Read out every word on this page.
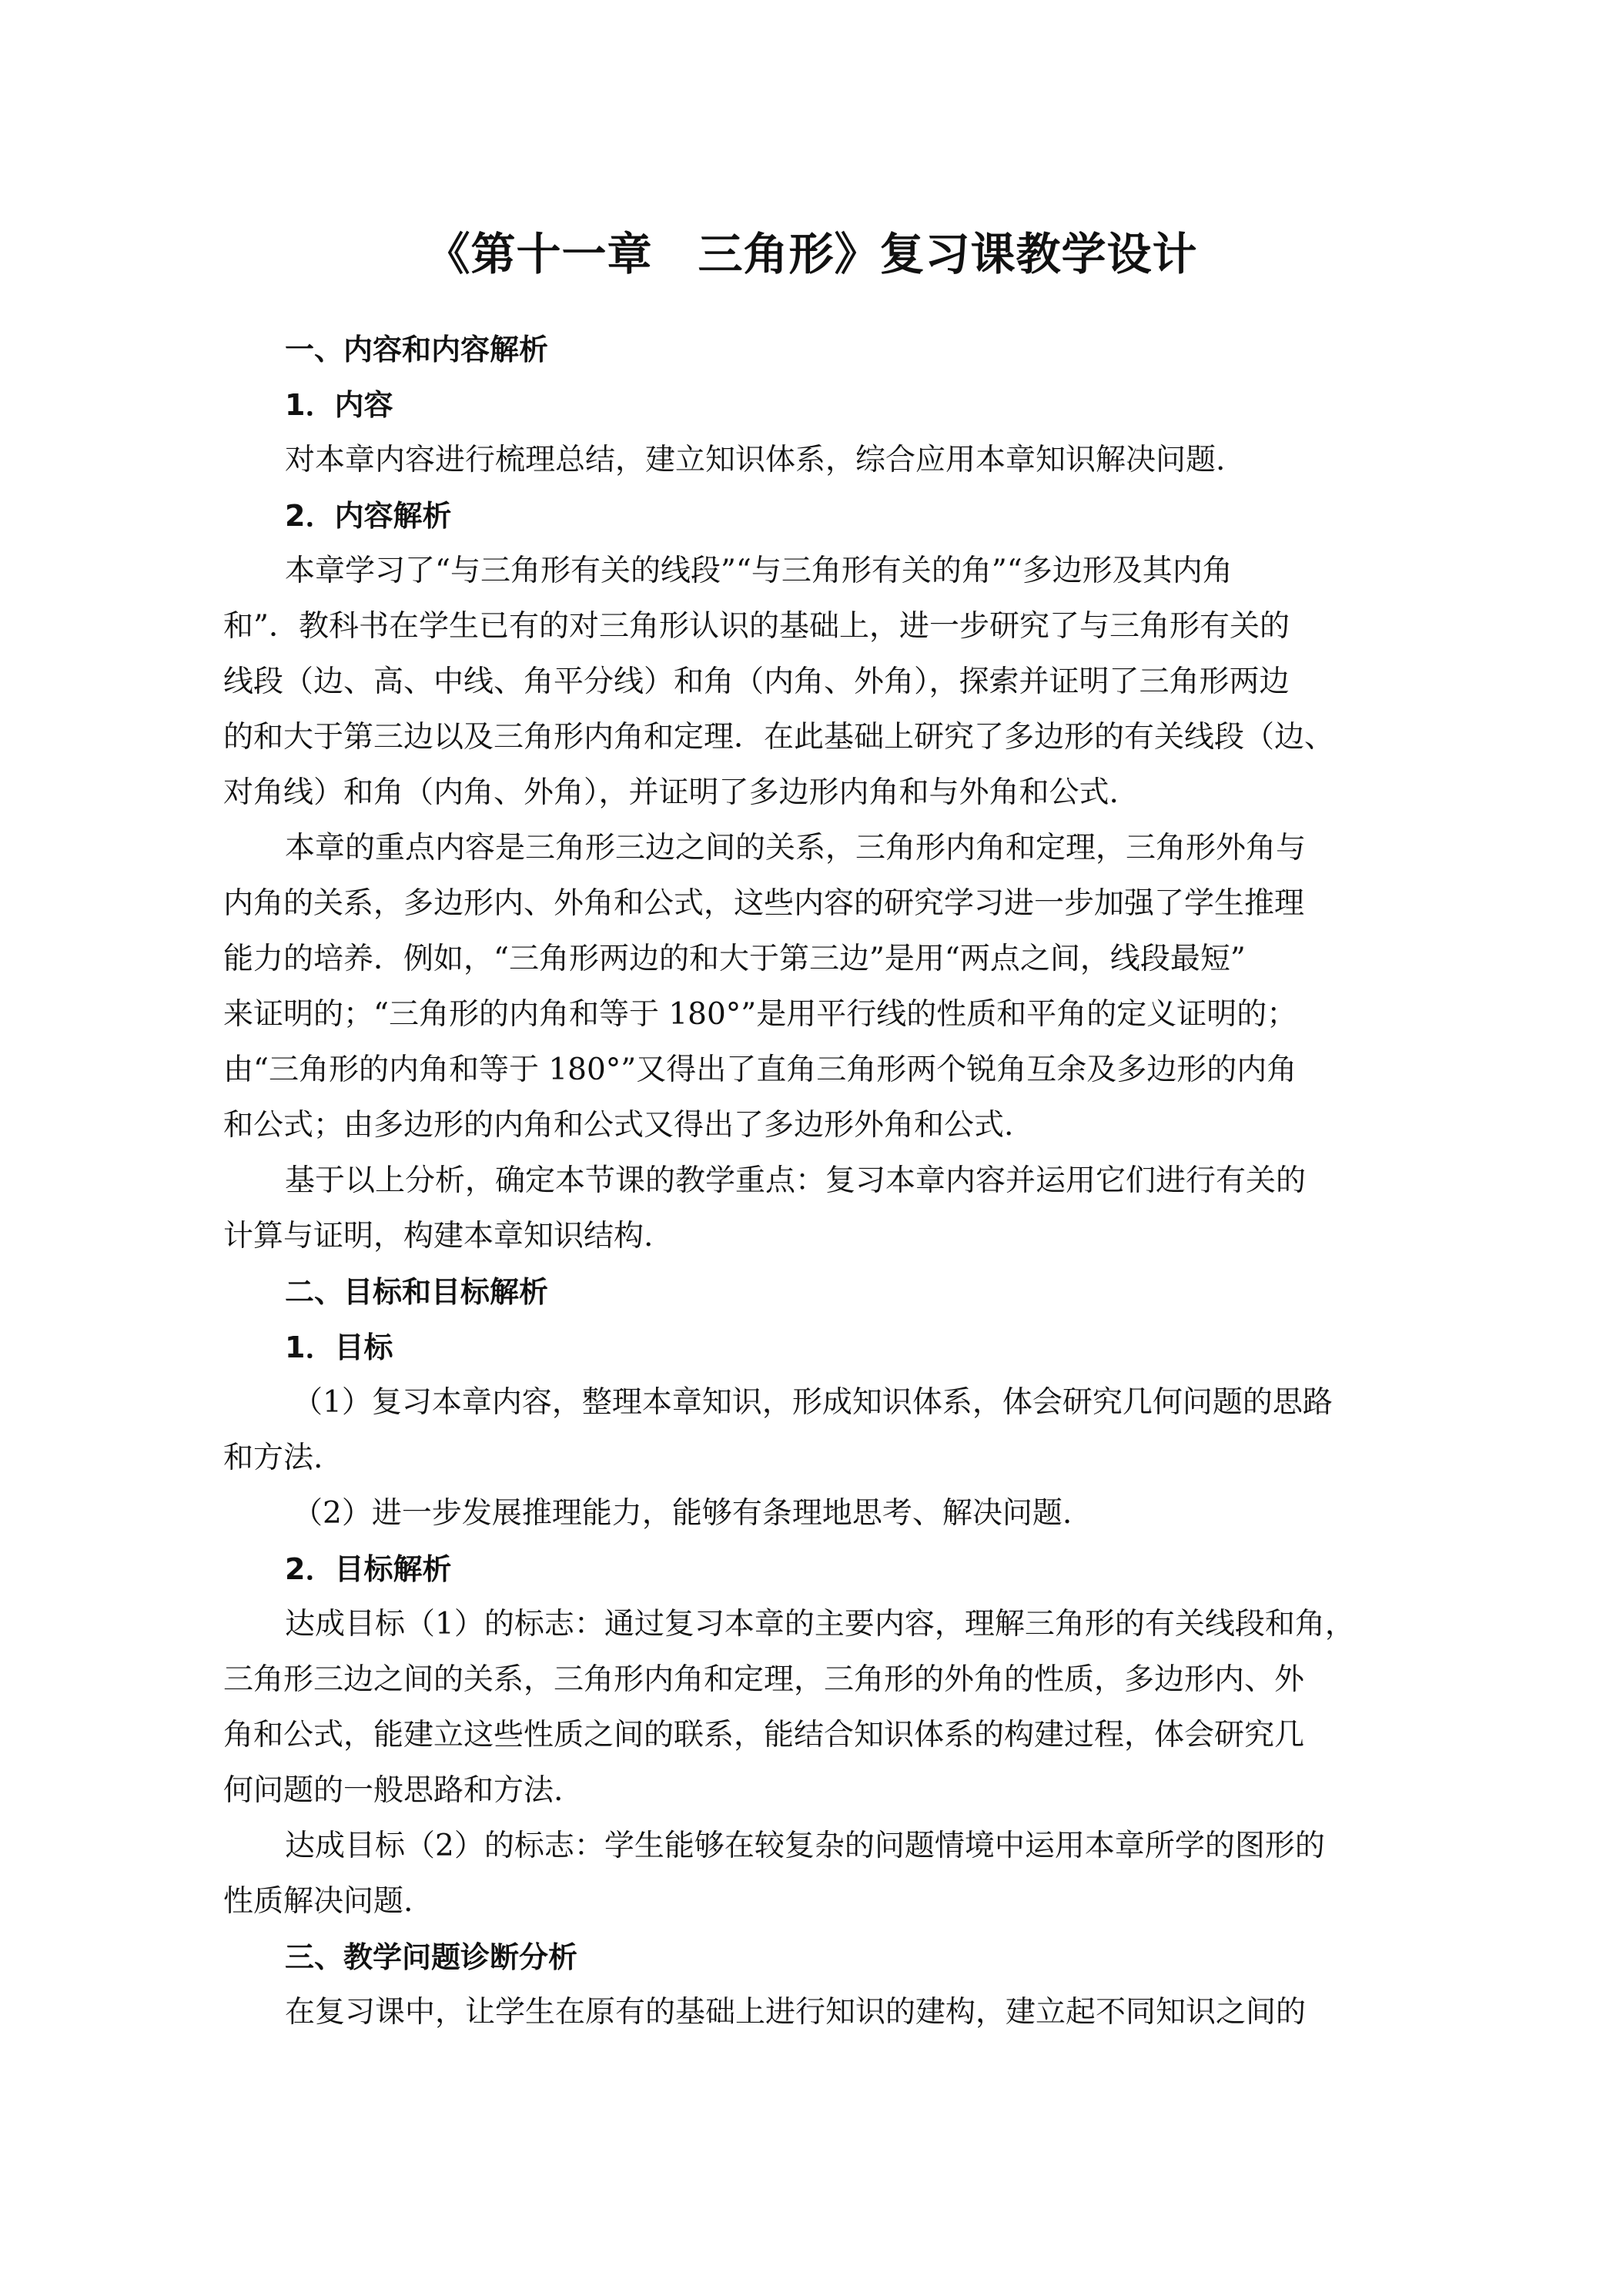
《第十一章　三角形》复习课教学设计
一、内容和内容解析
1．内容
对本章内容进行梳理总结，建立知识体系，综合应用本章知识解决问题.
2．内容解析
本章学习了“与三角形有关的线段”“与三角形有关的角”“多边形及其内角
和”．教科书在学生已有的对三角形认识的基础上，进一步研究了与三角形有关的
线段（边、高、中线、角平分线）和角（内角、外角），探索并证明了三角形两边
的和大于第三边以及三角形内角和定理．在此基础上研究了多边形的有关线段（边、
对角线）和角（内角、外角），并证明了多边形内角和与外角和公式.
本章的重点内容是三角形三边之间的关系，三角形内角和定理，三角形外角与
内角的关系，多边形内、外角和公式，这些内容的研究学习进一步加强了学生推理
能力的培养．例如，“三角形两边的和大于第三边”是用“两点之间，线段最短”
来证明的；“三角形的内角和等于 180°”是用平行线的性质和平角的定义证明的；
由“三角形的内角和等于 180°”又得出了直角三角形两个锐角互余及多边形的内角
和公式；由多边形的内角和公式又得出了多边形外角和公式.
基于以上分析，确定本节课的教学重点：复习本章内容并运用它们进行有关的
计算与证明，构建本章知识结构.
二、目标和目标解析
1．目标
（1）复习本章内容，整理本章知识，形成知识体系，体会研究几何问题的思路
和方法.
（2）进一步发展推理能力，能够有条理地思考、解决问题.
2．目标解析
达成目标（1）的标志：通过复习本章的主要内容，理解三角形的有关线段和角，
三角形三边之间的关系，三角形内角和定理，三角形的外角的性质，多边形内、外
角和公式，能建立这些性质之间的联系，能结合知识体系的构建过程，体会研究几
何问题的一般思路和方法.
达成目标（2）的标志：学生能够在较复杂的问题情境中运用本章所学的图形的
性质解决问题.
三、教学问题诊断分析
在复习课中，让学生在原有的基础上进行知识的建构，建立起不同知识之间的
